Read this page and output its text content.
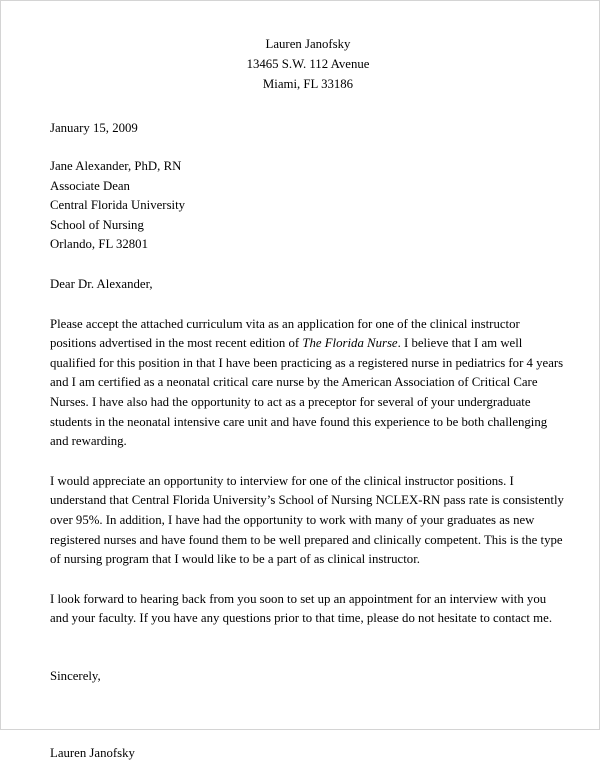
Lauren Janofsky
13465 S.W. 112 Avenue
Miami, FL 33186
January 15, 2009
Jane Alexander, PhD, RN
Associate Dean
Central Florida University
School of Nursing
Orlando, FL 32801
Dear Dr. Alexander,

Please accept the attached curriculum vita as an application for one of the clinical instructor positions advertised in the most recent edition of The Florida Nurse. I believe that I am well qualified for this position in that I have been practicing as a registered nurse in pediatrics for 4 years and I am certified as a neonatal critical care nurse by the American Association of Critical Care Nurses. I have also had the opportunity to act as a preceptor for several of your undergraduate students in the neonatal intensive care unit and have found this experience to be both challenging and rewarding.

I would appreciate an opportunity to interview for one of the clinical instructor positions. I understand that Central Florida University’s School of Nursing NCLEX-RN pass rate is consistently over 95%. In addition, I have had the opportunity to work with many of your graduates as new registered nurses and have found them to be well prepared and clinically competent. This is the type of nursing program that I would like to be a part of as clinical instructor.

I look forward to hearing back from you soon to set up an appointment for an interview with you and your faculty. If you have any questions prior to that time, please do not hesitate to contact me.

Sincerely,
Lauren Janofsky
